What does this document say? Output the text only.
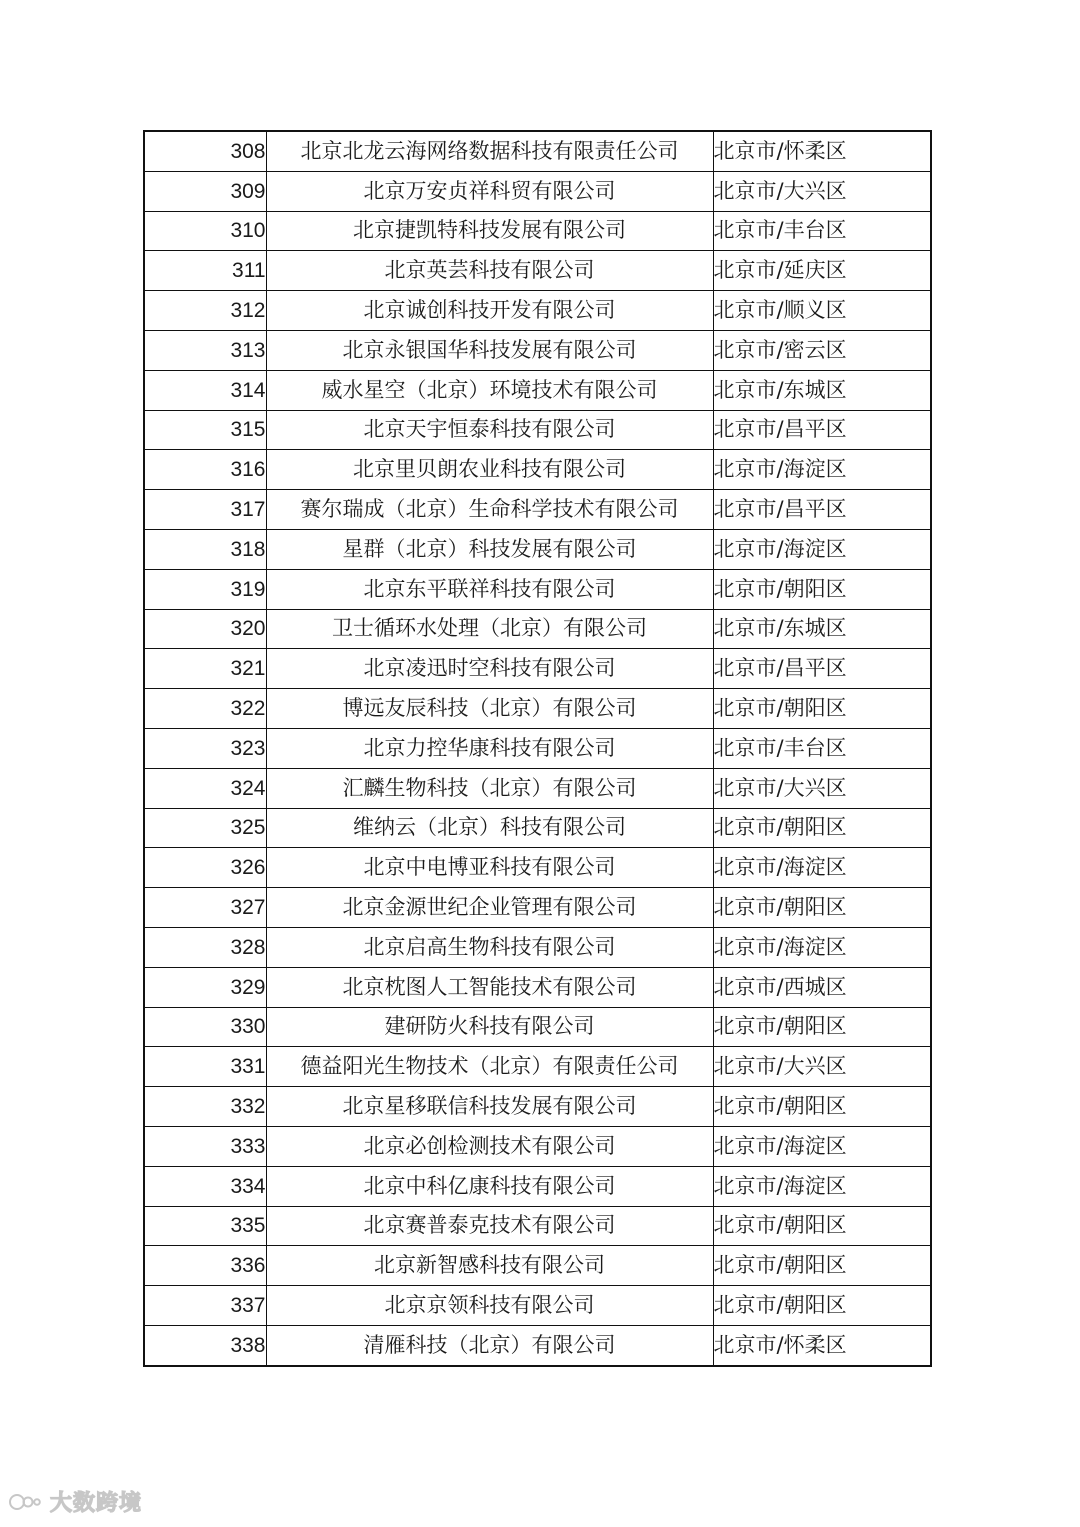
308	北京北龙云海网络数据科技有限责任公司	北京市/怀柔区
309	北京万安贞祥科贸有限公司	北京市/大兴区
310	北京捷凯特科技发展有限公司	北京市/丰台区
311	北京英芸科技有限公司	北京市/延庆区
312	北京诚创科技开发有限公司	北京市/顺义区
313	北京永银国华科技发展有限公司	北京市/密云区
314	威水星空（北京）环境技术有限公司	北京市/东城区
315	北京天宇恒泰科技有限公司	北京市/昌平区
316	北京里贝朗农业科技有限公司	北京市/海淀区
317	赛尔瑞成（北京）生命科学技术有限公司	北京市/昌平区
318	星群（北京）科技发展有限公司	北京市/海淀区
319	北京东平联祥科技有限公司	北京市/朝阳区
320	卫士循环水处理（北京）有限公司	北京市/东城区
321	北京凌迅时空科技有限公司	北京市/昌平区
322	博远友辰科技（北京）有限公司	北京市/朝阳区
323	北京力控华康科技有限公司	北京市/丰台区
324	汇麟生物科技（北京）有限公司	北京市/大兴区
325	维纳云（北京）科技有限公司	北京市/朝阳区
326	北京中电博亚科技有限公司	北京市/海淀区
327	北京金源世纪企业管理有限公司	北京市/朝阳区
328	北京启高生物科技有限公司	北京市/海淀区
329	北京枕图人工智能技术有限公司	北京市/西城区
330	建研防火科技有限公司	北京市/朝阳区
331	德益阳光生物技术（北京）有限责任公司	北京市/大兴区
332	北京星移联信科技发展有限公司	北京市/朝阳区
333	北京必创检测技术有限公司	北京市/海淀区
334	北京中科亿康科技有限公司	北京市/海淀区
335	北京赛普泰克技术有限公司	北京市/朝阳区
336	北京新智感科技有限公司	北京市/朝阳区
337	北京京领科技有限公司	北京市/朝阳区
338	清雁科技（北京）有限公司	北京市/怀柔区
大数跨境
